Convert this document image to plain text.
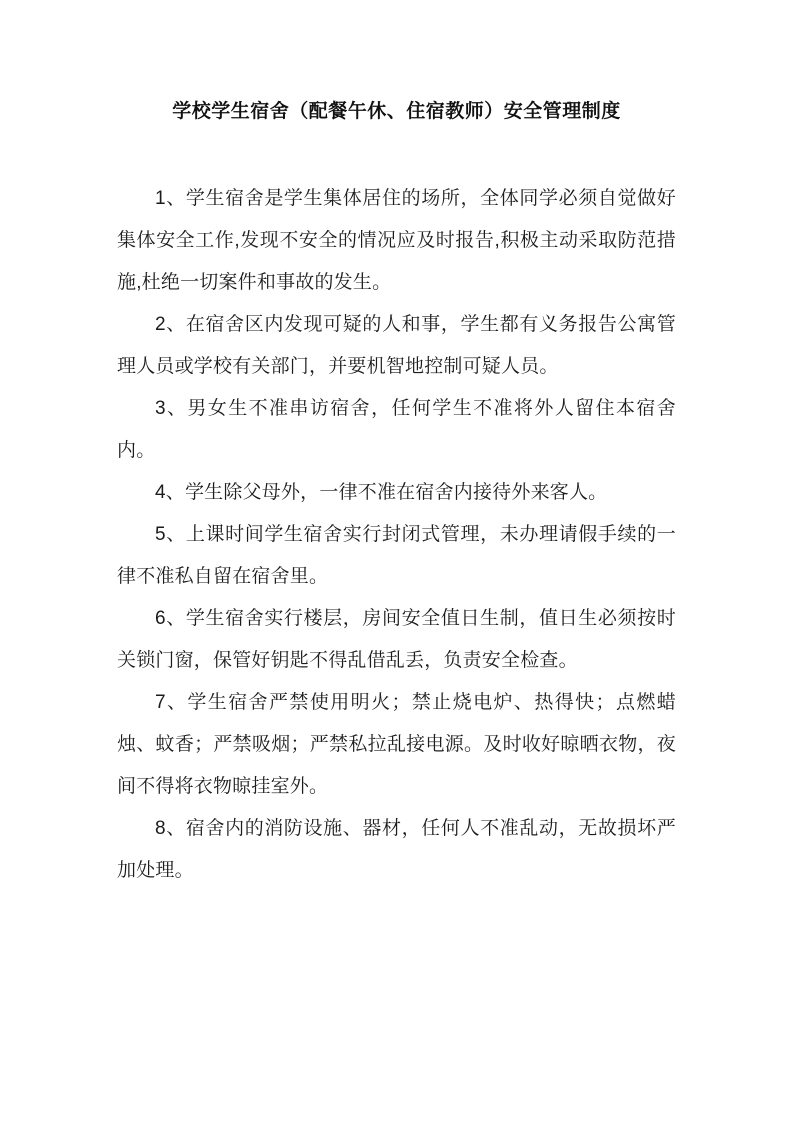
学校学生宿舍（配餐午休、住宿教师）安全管理制度

1、学生宿舍是学生集体居住的场所，全体同学必须自觉做好集体安全工作,发现不安全的情况应及时报告,积极主动采取防范措施,杜绝一切案件和事故的发生。

2、在宿舍区内发现可疑的人和事，学生都有义务报告公寓管理人员或学校有关部门，并要机智地控制可疑人员。

3、男女生不准串访宿舍，任何学生不准将外人留住本宿舍内。

4、学生除父母外，一律不准在宿舍内接待外来客人。

5、上课时间学生宿舍实行封闭式管理，未办理请假手续的一律不准私自留在宿舍里。

6、学生宿舍实行楼层，房间安全值日生制，值日生必须按时关锁门窗，保管好钥匙不得乱借乱丢，负责安全检查。

7、学生宿舍严禁使用明火；禁止烧电炉、热得快；点燃蜡烛、蚊香；严禁吸烟；严禁私拉乱接电源。及时收好晾晒衣物，夜间不得将衣物晾挂室外。

8、宿舍内的消防设施、器材，任何人不准乱动，无故损坏严加处理。
